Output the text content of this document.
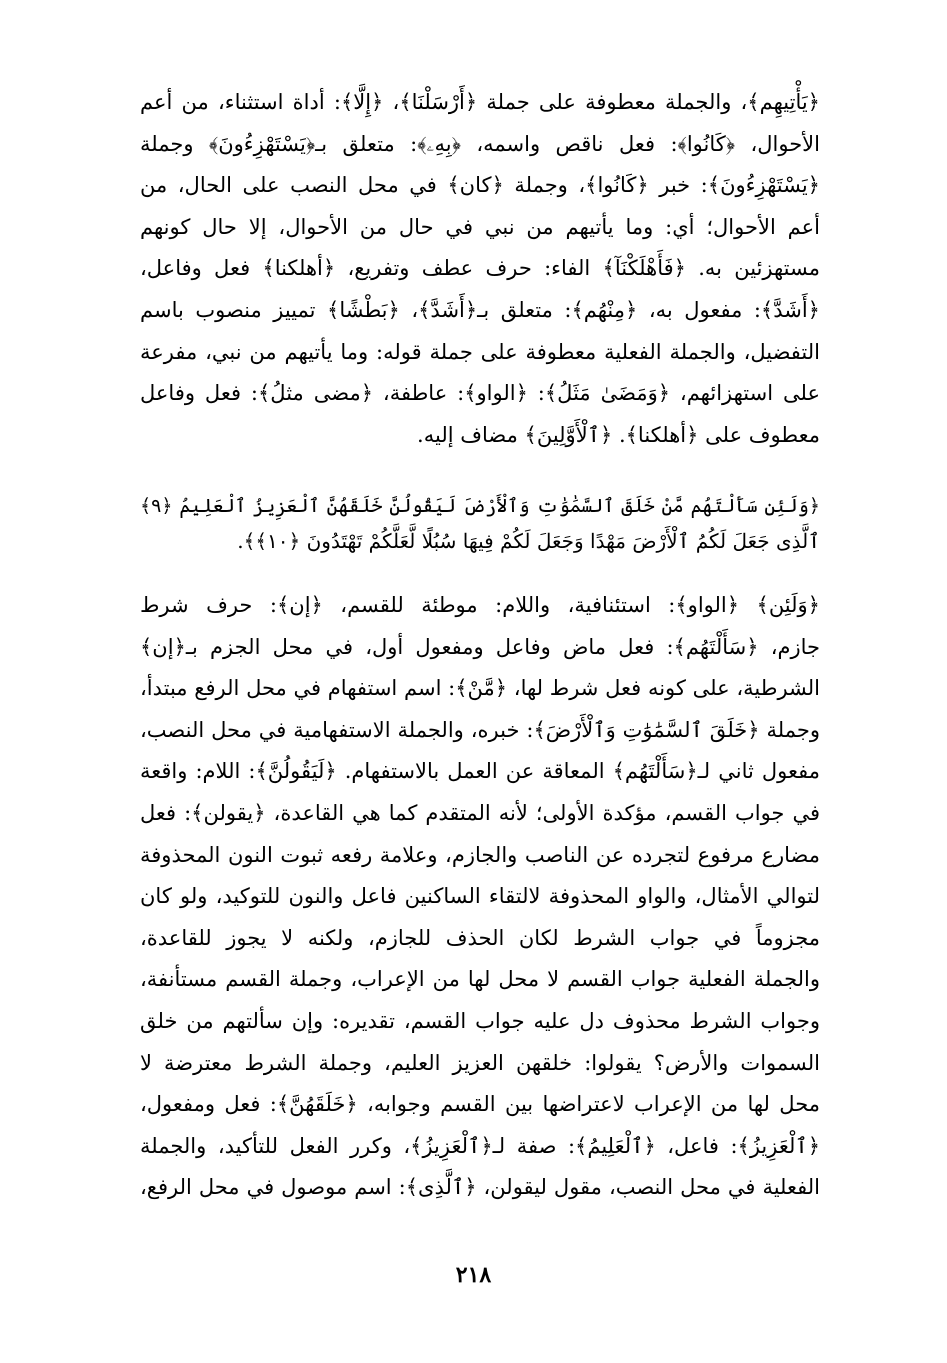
﴿يَأْتِيهِم﴾، والجملة معطوفة على جملة ﴿أَرْسَلْنَا﴾، ﴿إِلَّا﴾: أداة استثناء، من أعم
الأحوال، ﴿كَانُوا﴾: فعل ناقص واسمه، ﴿بِهِۦ﴾: متعلق بـ﴿يَسْتَهْزِءُونَ﴾ وجملة
﴿يَسْتَهْزِءُونَ﴾: خبر ﴿كَانُوا﴾، وجملة ﴿كان﴾ في محل النصب على الحال، من
أعم الأحوال؛ أي: وما يأتيهم من نبي في حال من الأحوال، إلا حال كونهم
مستهزئين به. ﴿فَأَهْلَكْنَآ﴾ الفاء: حرف عطف وتفريع، ﴿أهلكنا﴾ فعل وفاعل،
﴿أَشَدَّ﴾: مفعول به، ﴿مِنْهُم﴾: متعلق بـ﴿أَشَدَّ﴾، ﴿بَطْشًا﴾ تمييز منصوب باسم
التفضيل، والجملة الفعلية معطوفة على جملة قوله: وما يأتيهم من نبي، مفرعة
على استهزائهم، ﴿وَمَضَىٰ مَثَلُ﴾: ﴿الواو﴾: عاطفة، ﴿مضى مثلُ﴾: فعل وفاعل
معطوف على ﴿أهلكنا﴾. ﴿ٱلْأَوَّلِينَ﴾ مضاف إليه.
﴿وَلَئِن سَأَلْتَهُم مَّنْ خَلَقَ ٱلسَّمَٰوَٰتِ وَٱلْأَرْضَ لَيَقُولُنَّ خَلَقَهُنَّ ٱلْعَزِيزُ ٱلْعَلِيمُ ﴿٩﴾
ٱلَّذِى جَعَلَ لَكُمُ ٱلْأَرْضَ مَهْدًا وَجَعَلَ لَكُمْ فِيهَا سُبُلًا لَّعَلَّكُمْ تَهْتَدُونَ ﴿١٠﴾﴾.
﴿وَلَئِن﴾ ﴿الواو﴾: استئنافية، واللام: موطئة للقسم، ﴿إن﴾: حرف شرط
جازم، ﴿سَأَلْتَهُم﴾: فعل ماض وفاعل ومفعول أول، في محل الجزم بـ﴿إن﴾
الشرطية، على كونه فعل شرط لها، ﴿مَّنْ﴾: اسم استفهام في محل الرفع مبتدأ،
وجملة ﴿خَلَقَ ٱلسَّمَٰوَٰتِ وَٱلْأَرْضَ﴾: خبره، والجملة الاستفهامية في محل النصب،
مفعول ثاني لـ﴿سَأَلْتَهُم﴾ المعاقة عن العمل بالاستفهام. ﴿لَيَقُولُنَّ﴾: اللام: واقعة
في جواب القسم، مؤكدة الأولى؛ لأنه المتقدم كما هي القاعدة، ﴿يقولن﴾: فعل
مضارع مرفوع لتجرده عن الناصب والجازم، وعلامة رفعه ثبوت النون المحذوفة
لتوالي الأمثال، والواو المحذوفة لالتقاء الساكنين فاعل والنون للتوكيد، ولو كان
مجزوماً في جواب الشرط لكان الحذف للجازم، ولكنه لا يجوز للقاعدة،
والجملة الفعلية جواب القسم لا محل لها من الإعراب، وجملة القسم مستأنفة،
وجواب الشرط محذوف دل عليه جواب القسم، تقديره: وإن سألتهم من خلق
السموات والأرض؟ يقولوا: خلقهن العزيز العليم، وجملة الشرط معترضة لا
محل لها من الإعراب لاعتراضها بين القسم وجوابه، ﴿خَلَقَهُنَّ﴾: فعل ومفعول،
﴿ٱلْعَزِيزُ﴾: فاعل، ﴿ٱلْعَلِيمُ﴾: صفة لـ﴿ٱلْعَزِيزُ﴾، وكرر الفعل للتأكيد، والجملة
الفعلية في محل النصب، مقول ليقولن، ﴿ٱلَّذِى﴾: اسم موصول في محل الرفع،
٢١٨
